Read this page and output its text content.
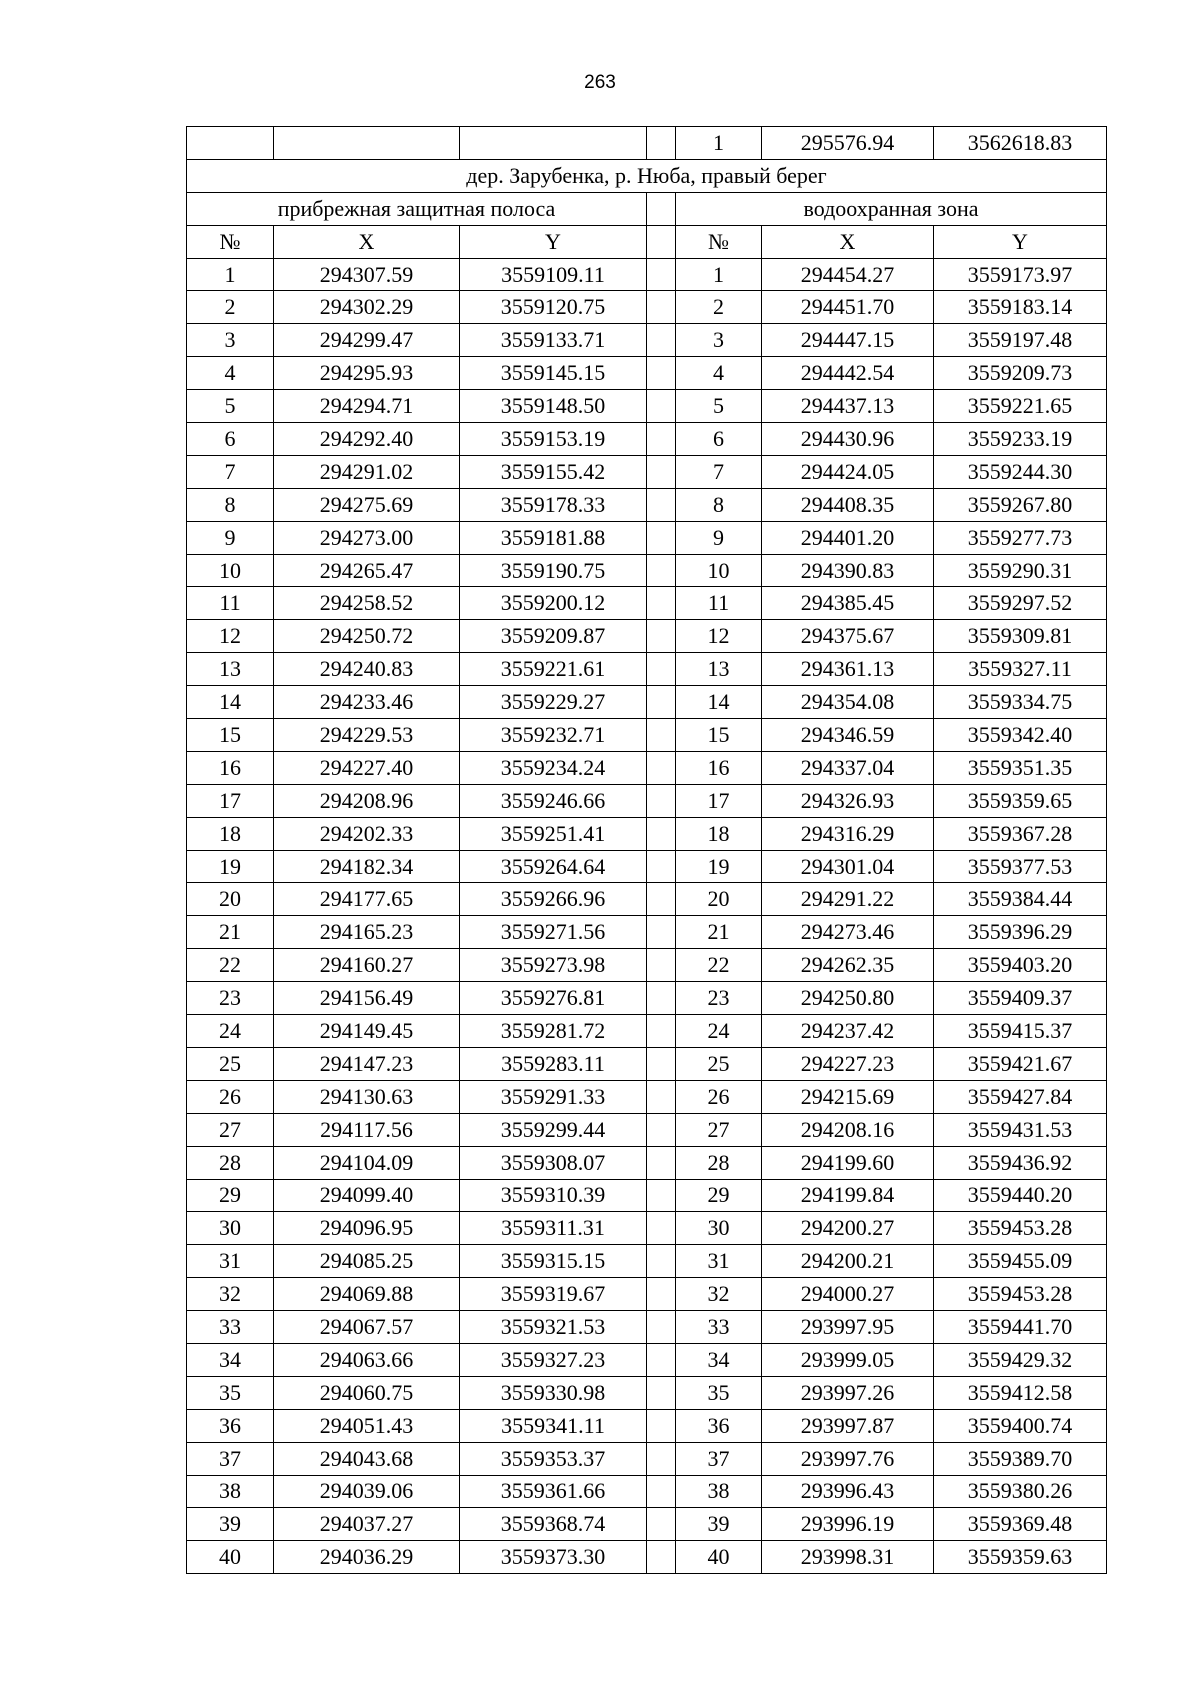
263
				1	295576.94	3562618.83
дер. Зарубенка, р. Нюба, правый берег						
прибрежная защитная полоса				водоохранная зона		
№	X	Y		№	X	Y
1	294307.59	3559109.11		1	294454.27	3559173.97
2	294302.29	3559120.75		2	294451.70	3559183.14
3	294299.47	3559133.71		3	294447.15	3559197.48
4	294295.93	3559145.15		4	294442.54	3559209.73
5	294294.71	3559148.50		5	294437.13	3559221.65
6	294292.40	3559153.19		6	294430.96	3559233.19
7	294291.02	3559155.42		7	294424.05	3559244.30
8	294275.69	3559178.33		8	294408.35	3559267.80
9	294273.00	3559181.88		9	294401.20	3559277.73
10	294265.47	3559190.75		10	294390.83	3559290.31
11	294258.52	3559200.12		11	294385.45	3559297.52
12	294250.72	3559209.87		12	294375.67	3559309.81
13	294240.83	3559221.61		13	294361.13	3559327.11
14	294233.46	3559229.27		14	294354.08	3559334.75
15	294229.53	3559232.71		15	294346.59	3559342.40
16	294227.40	3559234.24		16	294337.04	3559351.35
17	294208.96	3559246.66		17	294326.93	3559359.65
18	294202.33	3559251.41		18	294316.29	3559367.28
19	294182.34	3559264.64		19	294301.04	3559377.53
20	294177.65	3559266.96		20	294291.22	3559384.44
21	294165.23	3559271.56		21	294273.46	3559396.29
22	294160.27	3559273.98		22	294262.35	3559403.20
23	294156.49	3559276.81		23	294250.80	3559409.37
24	294149.45	3559281.72		24	294237.42	3559415.37
25	294147.23	3559283.11		25	294227.23	3559421.67
26	294130.63	3559291.33		26	294215.69	3559427.84
27	294117.56	3559299.44		27	294208.16	3559431.53
28	294104.09	3559308.07		28	294199.60	3559436.92
29	294099.40	3559310.39		29	294199.84	3559440.20
30	294096.95	3559311.31		30	294200.27	3559453.28
31	294085.25	3559315.15		31	294200.21	3559455.09
32	294069.88	3559319.67		32	294000.27	3559453.28
33	294067.57	3559321.53		33	293997.95	3559441.70
34	294063.66	3559327.23		34	293999.05	3559429.32
35	294060.75	3559330.98		35	293997.26	3559412.58
36	294051.43	3559341.11		36	293997.87	3559400.74
37	294043.68	3559353.37		37	293997.76	3559389.70
38	294039.06	3559361.66		38	293996.43	3559380.26
39	294037.27	3559368.74		39	293996.19	3559369.48
40	294036.29	3559373.30		40	293998.31	3559359.63
